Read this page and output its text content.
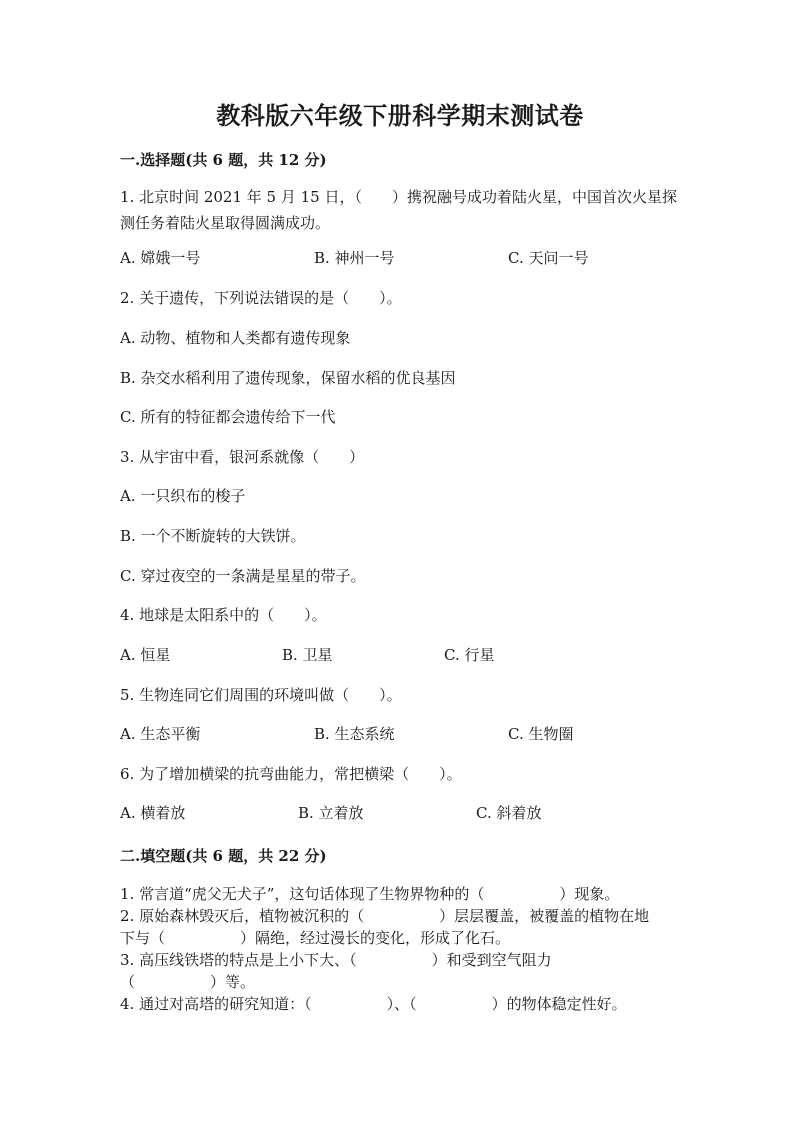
教科版六年级下册科学期末测试卷
一.选择题(共 6 题，共 12 分)
1. 北京时间 2021 年 5 月 15 日，（　　）携祝融号成功着陆火星，中国首次火星探测任务着陆火星取得圆满成功。
A. 嫦娥一号	B. 神州一号	C. 天问一号
2. 关于遗传，下列说法错误的是（　　）。
A. 动物、植物和人类都有遗传现象
B. 杂交水稻利用了遗传现象，保留水稻的优良基因
C. 所有的特征都会遗传给下一代
3. 从宇宙中看，银河系就像（　　）
A. 一只织布的梭子
B. 一个不断旋转的大铁饼。
C. 穿过夜空的一条满是星星的带子。
4. 地球是太阳系中的（　　）。
A. 恒星	B. 卫星	C. 行星
5. 生物连同它们周围的环境叫做（　　）。
A. 生态平衡	B. 生态系统	C. 生物圈
6. 为了增加横梁的抗弯曲能力，常把横梁（　　）。
A. 横着放	B. 立着放	C. 斜着放
二.填空题(共 6 题，共 22 分)
1. 常言道“虎父无犬子”，这句话体现了生物界物种的（　　　　　）现象。
2. 原始森林毁灭后，植物被沉积的（　　　　　）层层覆盖，被覆盖的植物在地
下与（　　　　　）隔绝，经过漫长的变化，形成了化石。
3. 高压线铁塔的特点是上小下大、（　　　　　）和受到空气阻力
（　　　　　）等。
4. 通过对高塔的研究知道：（　　　　　）、（　　　　　）的物体稳定性好。
